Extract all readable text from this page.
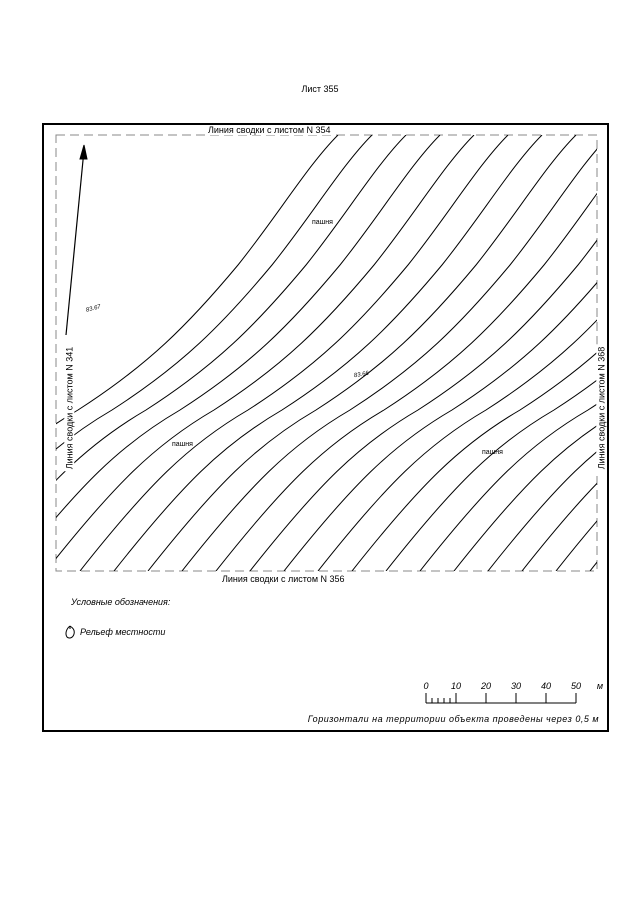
Лист 355
Линия сводки с листом N 354
Линия сводки с листом N 356
Линия сводки с листом N 341	Линия сводки с листом N 368
пашня
пашня
пашня
83.67
83.66
Условные обозначения:
Рельеф местности
0 10 20 30 40 50 м
Горизонтали на территории объекта проведены через 0,5 м
